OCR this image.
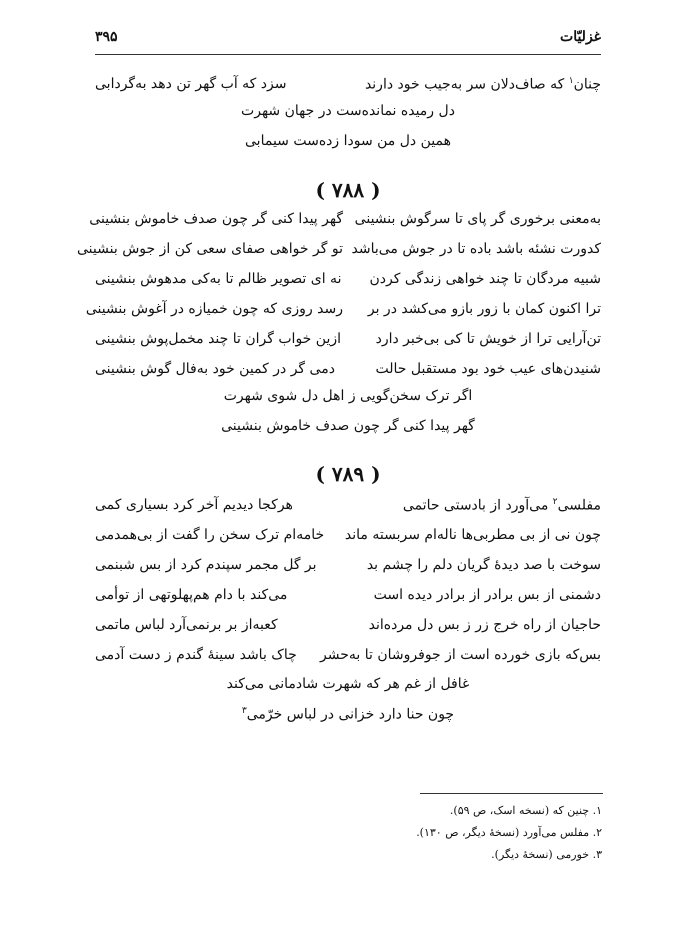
۳۹۵	غزلیّات
چنان$^۱$ که صاف‌دلان سر به‌جیب خود دارند
سزد که آب گهر تن دهد به‌گردابی
دل رمیده نمانده‌ست در جهان شهرت
همین دل من سودا زده‌ست سیمابی
( ۷۸۸ )
به‌معنی برخوری گر پای تا سرگوش بنشینی
گهر پیدا کنی گر چون صدف خاموش بنشینی
کدورت نشئه باشد باده تا در جوش می‌باشد
تو گر خواهی صفای سعی کن از جوش بنشینی
شبیه مردگان تا چند خواهی زندگی کردن
نه ای تصویر ظالم تا به‌کی مدهوش بنشینی
ترا اکنون کمان با زور بازو می‌کشد در بر
رسد روزی که چون خمیازه در آغوش بنشینی
تن‌آرایی ترا از خویش تا کی بی‌خبر دارد
ازین خواب گران تا چند مخمل‌پوش بنشینی
شنیدن‌های عیب خود بود مستقبل حالت
دمی گر در کمین خود به‌فال گوش بنشینی
اگر ترک سخن‌گویی ز اهل دل شوی شهرت
گهر پیدا کنی گر چون صدف خاموش بنشینی
( ۷۸۹ )
مفلسی$^۲$ می‌آورد از بادستی حاتمی
هرکجا دیدیم آخر کرد بسیاری کمی
چون نی از بی مطربی‌ها ناله‌ام سربسته ماند
خامه‌ام ترک سخن را گفت از بی‌همدمی
سوخت با صد دیدهٔ گریان دلم را چشم بد
بر گل مجمر سپندم کرد از بس شبنمی
دشمنی از بس برادر از برادر دیده است
می‌کند با دام هم‌پهلوتهی از توأمی
حاجیان از راه خرج زر ز بس دل مرده‌اند
کعبه‌از بر برنمی‌آرد لباس ماتمی
بس‌که بازی خورده است از جوفروشان تا به‌حشر
چاک باشد سینهٔ گندم ز دست آدمی
غافل از غم هر که شهرت شادمانی می‌کند
چون حنا دارد خزانی در لباس خرّمی$^۳$
۱. چنین که (نسخه اسک، ص ۵۹).
۲. مفلس می‌آورد (نسخهٔ دیگر، ص ۱۳۰).
۳. خورمی (نسخهٔ دیگر).
